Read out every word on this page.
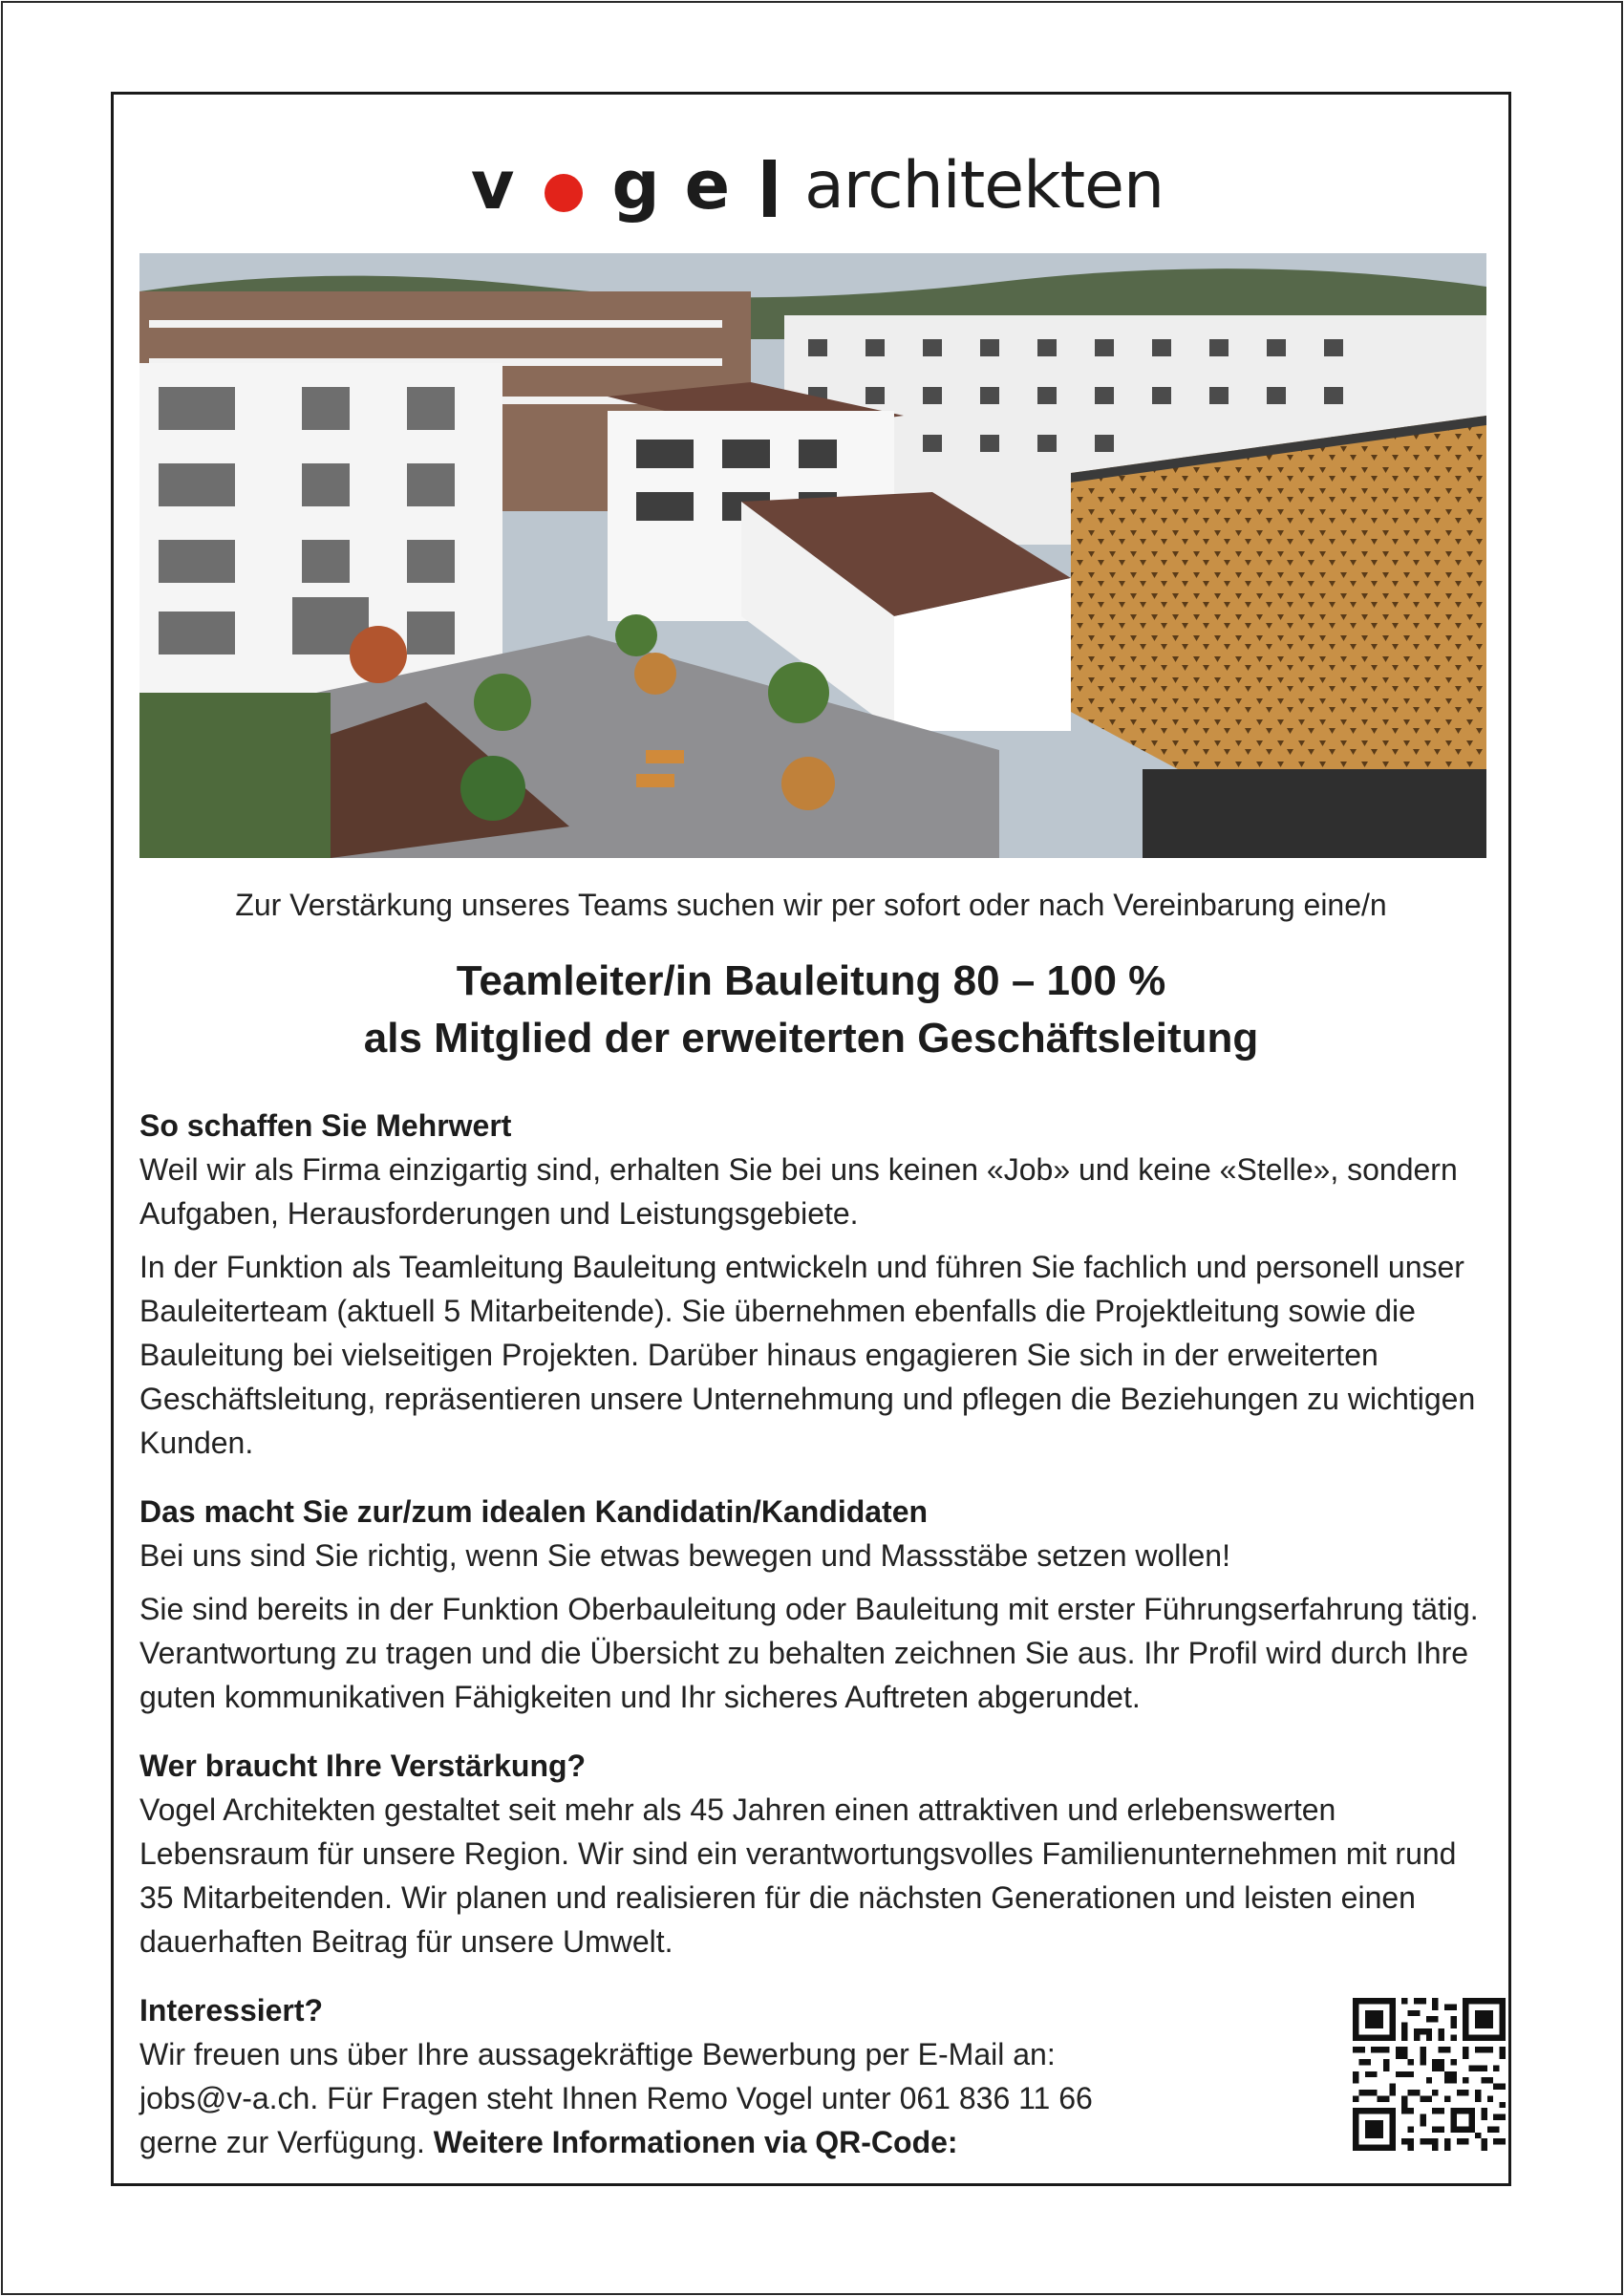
v g e architekten
Zur Verstärkung unseres Teams suchen wir per sofort oder nach Vereinbarung eine/n
Teamleiter/in Bauleitung 80 – 100 %
als Mitglied der erweiterten Geschäftsleitung
So schaffen Sie Mehrwert

Weil wir als Firma einzigartig sind, erhalten Sie bei uns keinen «Job» und keine «Stelle», sondern Aufgaben, Herausforderungen und Leistungsgebiete.

In der Funktion als Teamleitung Bauleitung entwickeln und führen Sie fachlich und personell unser Bauleiterteam (aktuell 5 Mitarbeitende). Sie übernehmen ebenfalls die Projektleitung sowie die Bauleitung bei vielseitigen Projekten. Darüber hinaus engagieren Sie sich in der erweiterten Geschäftsleitung, repräsentieren unsere Unternehmung und pflegen die Beziehungen zu wichtigen Kunden.

Das macht Sie zur/zum idealen Kandidatin/Kandidaten

Bei uns sind Sie richtig, wenn Sie etwas bewegen und Massstäbe setzen wollen!

Sie sind bereits in der Funktion Oberbauleitung oder Bauleitung mit erster Führungserfahrung tätig. Verantwortung zu tragen und die Übersicht zu behalten zeichnen Sie aus. Ihr Profil wird durch Ihre guten kommunikativen Fähigkeiten und Ihr sicheres Auftreten abgerundet.

Wer braucht Ihre Verstärkung?

Vogel Architekten gestaltet seit mehr als 45 Jahren einen attraktiven und erlebenswerten Lebensraum für unsere Region. Wir sind ein verantwortungsvolles Familienunternehmen mit rund 35 Mitarbeitenden. Wir planen und realisieren für die nächsten Generationen und leisten einen dauerhaften Beitrag für unsere Umwelt.

Interessiert?
Wir freuen uns über Ihre aussagekräftige Bewerbung per E-Mail an:
jobs@v-a.ch. Für Fragen steht Ihnen Remo Vogel unter 061 836 11 66
gerne zur Verfügung. Weitere Informationen via QR-Code:
